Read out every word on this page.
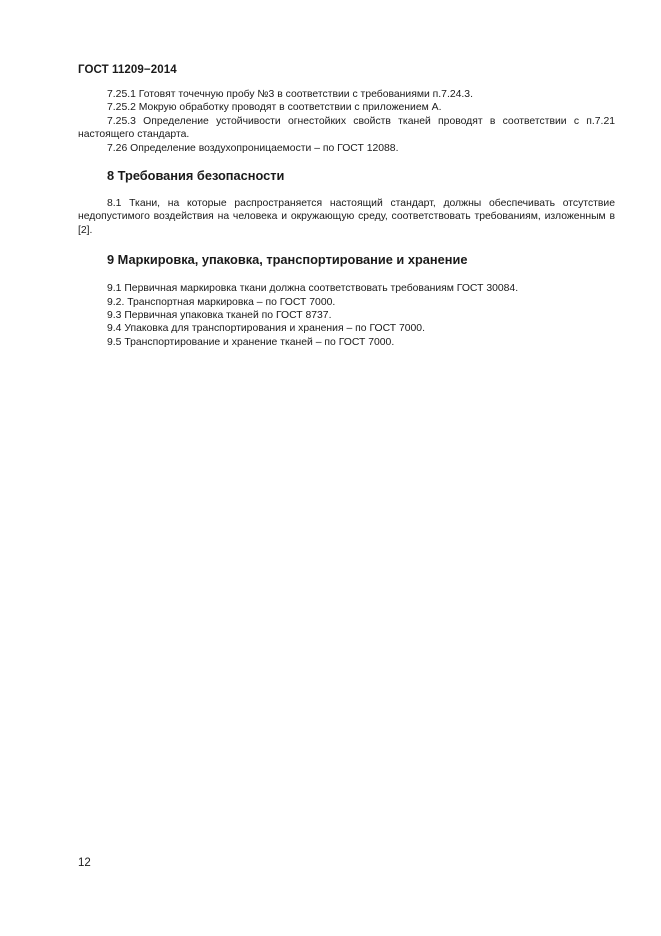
ГОСТ 11209−2014

7.25.1 Готовят точечную пробу №3 в соответствии с требованиями п.7.24.3.

7.25.2 Мокрую обработку проводят в соответствии с приложением А.

7.25.3 Определение устойчивости огнестойких свойств тканей проводят в соответствии с п.7.21 настоящего стандарта.

7.26 Определение воздухопроницаемости – по ГОСТ 12088.

8 Требования безопасности

8.1 Ткани, на которые распространяется настоящий стандарт, должны обеспечивать отсутствие недопустимого воздействия на человека и окружающую среду, соответствовать требованиям, изложенным в [2].

9 Маркировка, упаковка, транспортирование и хранение

9.1 Первичная маркировка ткани должна соответствовать требованиям ГОСТ 30084.

9.2. Транспортная маркировка – по ГОСТ 7000.

9.3 Первичная упаковка тканей по ГОСТ 8737.

9.4 Упаковка для транспортирования и хранения – по ГОСТ 7000.

9.5 Транспортирование и хранение тканей – по ГОСТ 7000.

12
